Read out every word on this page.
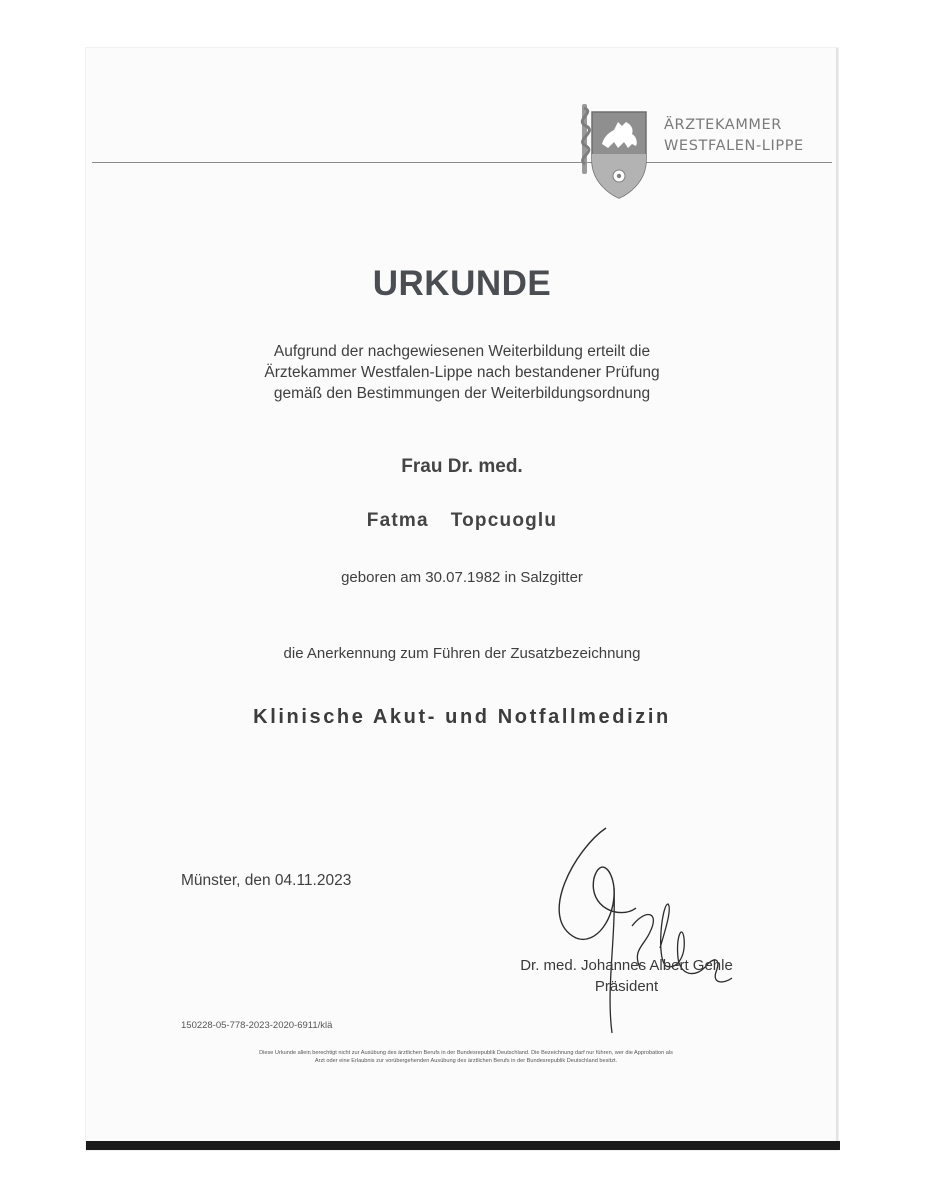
ÄRZTEKAMMER
WESTFALEN-LIPPE
URKUNDE
Aufgrund der nachgewiesenen Weiterbildung erteilt die
Ärztekammer Westfalen-Lippe nach bestandener Prüfung
gemäß den Bestimmungen der Weiterbildungsordnung
Frau Dr. med.
Fatma Topcuoglu
geboren am 30.07.1982 in Salzgitter
die Anerkennung zum Führen der Zusatzbezeichnung
Klinische Akut- und Notfallmedizin
Münster, den 04.11.2023
Dr. med. Johannes Albert Gehle
Präsident
150228-05-778-2023-2020-6911/klä
Diese Urkunde allein berechtigt nicht zur Ausübung des ärztlichen Berufs in der Bundesrepublik Deutschland. Die Bezeichnung darf nur führen, wer die Approbation als
Arzt oder eine Erlaubnis zur vorübergehenden Ausübung des ärztlichen Berufs in der Bundesrepublik Deutschland besitzt.
